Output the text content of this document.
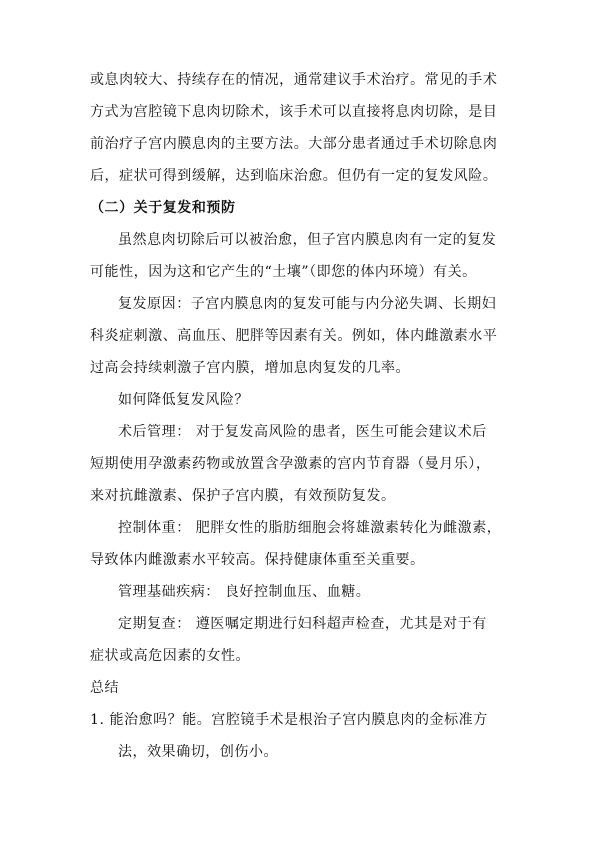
或息肉较大、持续存在的情况，通常建议手术治疗。常见的手术
方式为宫腔镜下息肉切除术，该手术可以直接将息肉切除，是目
前治疗子宫内膜息肉的主要方法。大部分患者通过手术切除息肉
后，症状可得到缓解，达到临床治愈。但仍有一定的复发风险。
（二）关于复发和预防
虽然息肉切除后可以被治愈，但子宫内膜息肉有一定的复发
可能性，因为这和它产生的“土壤”（即您的体内环境）有关。
复发原因：子宫内膜息肉的复发可能与内分泌失调、长期妇
科炎症刺激、高血压、肥胖等因素有关。例如，体内雌激素水平
过高会持续刺激子宫内膜，增加息肉复发的几率。
如何降低复发风险？
术后管理： 对于复发高风险的患者，医生可能会建议术后
短期使用孕激素药物或放置含孕激素的宫内节育器（曼月乐），
来对抗雌激素、保护子宫内膜，有效预防复发。
控制体重： 肥胖女性的脂肪细胞会将雄激素转化为雌激素，
导致体内雌激素水平较高。保持健康体重至关重要。
管理基础疾病： 良好控制血压、血糖。
定期复查： 遵医嘱定期进行妇科超声检查，尤其是对于有
症状或高危因素的女性。
总结
1. 能治愈吗？能。宫腔镜手术是根治子宫内膜息肉的金标准方
法，效果确切，创伤小。
